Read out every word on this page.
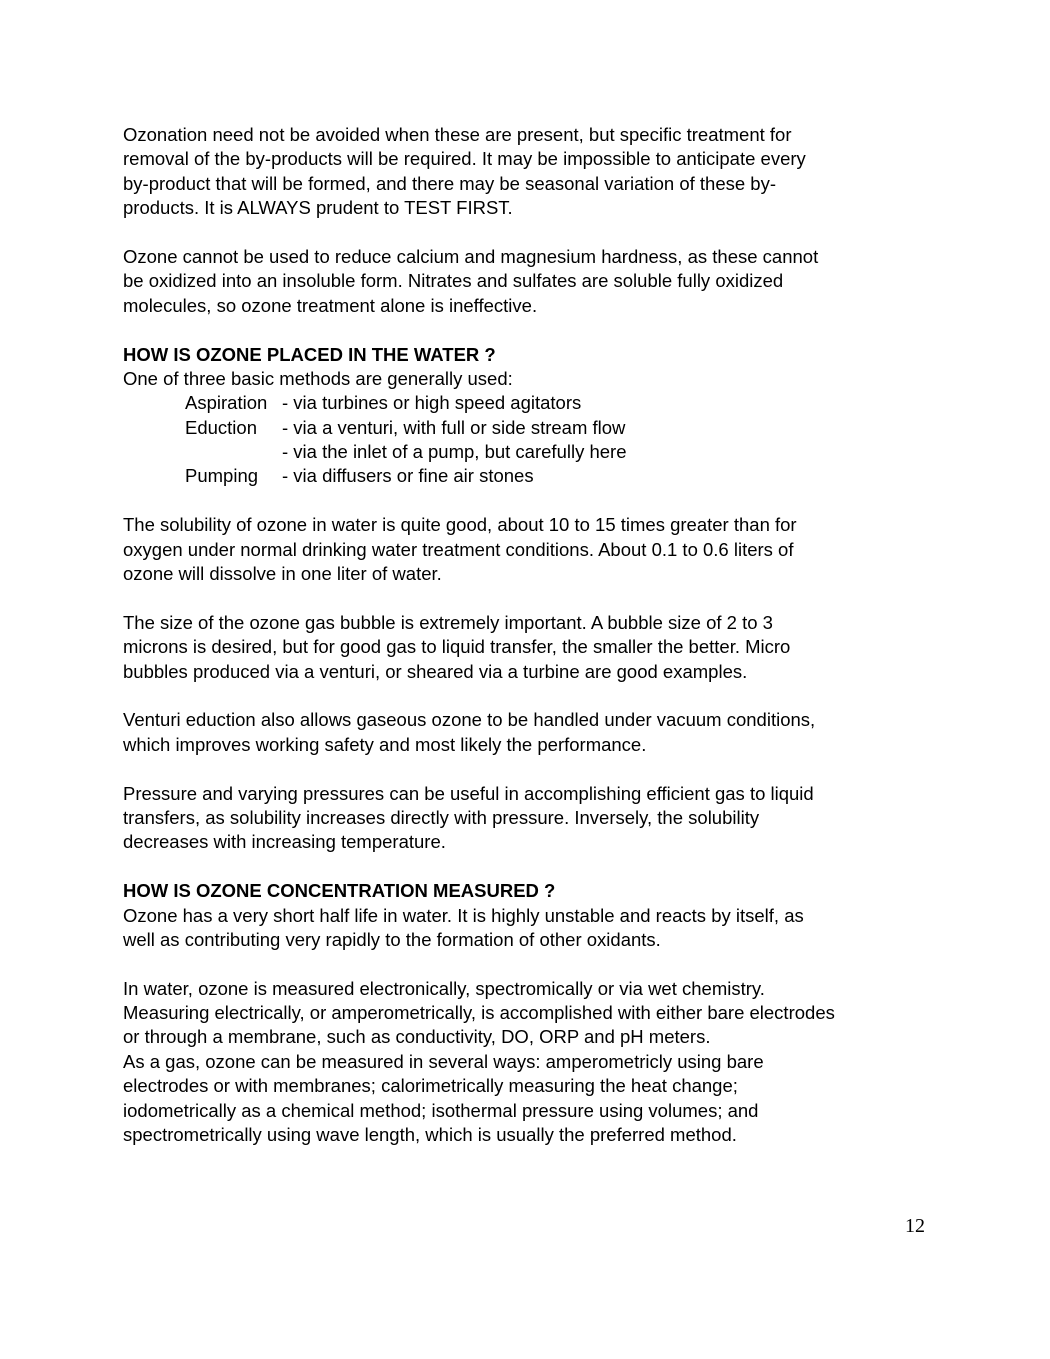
Ozonation need not be avoided when these are present, but specific treatment for
removal of the by-products will be required. It may be impossible to anticipate every
by-product that will be formed, and there may be seasonal variation of these by-
products. It is ALWAYS prudent to TEST FIRST.
Ozone cannot be used to reduce calcium and magnesium hardness, as these cannot
be oxidized into an insoluble form. Nitrates and sulfates are soluble fully oxidized
molecules, so ozone treatment alone is ineffective.
HOW IS OZONE PLACED IN THE WATER ?
One of three basic methods are generally used:
Aspiration - via turbines or high speed agitators
Eduction - via a venturi, with full or side stream flow
- via the inlet of a pump, but carefully here
Pumping - via diffusers or fine air stones
The solubility of ozone in water is quite good, about 10 to 15 times greater than for
oxygen under normal drinking water treatment conditions. About 0.1 to 0.6 liters of
ozone will dissolve in one liter of water.
The size of the ozone gas bubble is extremely important. A bubble size of 2 to 3
microns is desired, but for good gas to liquid transfer, the smaller the better. Micro
bubbles produced via a venturi, or sheared via a turbine are good examples.
Venturi eduction also allows gaseous ozone to be handled under vacuum conditions,
which improves working safety and most likely the performance.
Pressure and varying pressures can be useful in accomplishing efficient gas to liquid
transfers, as solubility increases directly with pressure. Inversely, the solubility
decreases with increasing temperature.
HOW IS OZONE CONCENTRATION MEASURED ?
Ozone has a very short half life in water. It is highly unstable and reacts by itself, as
well as contributing very rapidly to the formation of other oxidants.
In water, ozone is measured electronically, spectromically or via wet chemistry.
Measuring electrically, or amperometrically, is accomplished with either bare electrodes
or through a membrane, such as conductivity, DO, ORP and pH meters.
As a gas, ozone can be measured in several ways: amperometricly using bare
electrodes or with membranes; calorimetrically measuring the heat change;
iodometrically as a chemical method; isothermal pressure using volumes; and
spectrometrically using wave length, which is usually the preferred method.
12
